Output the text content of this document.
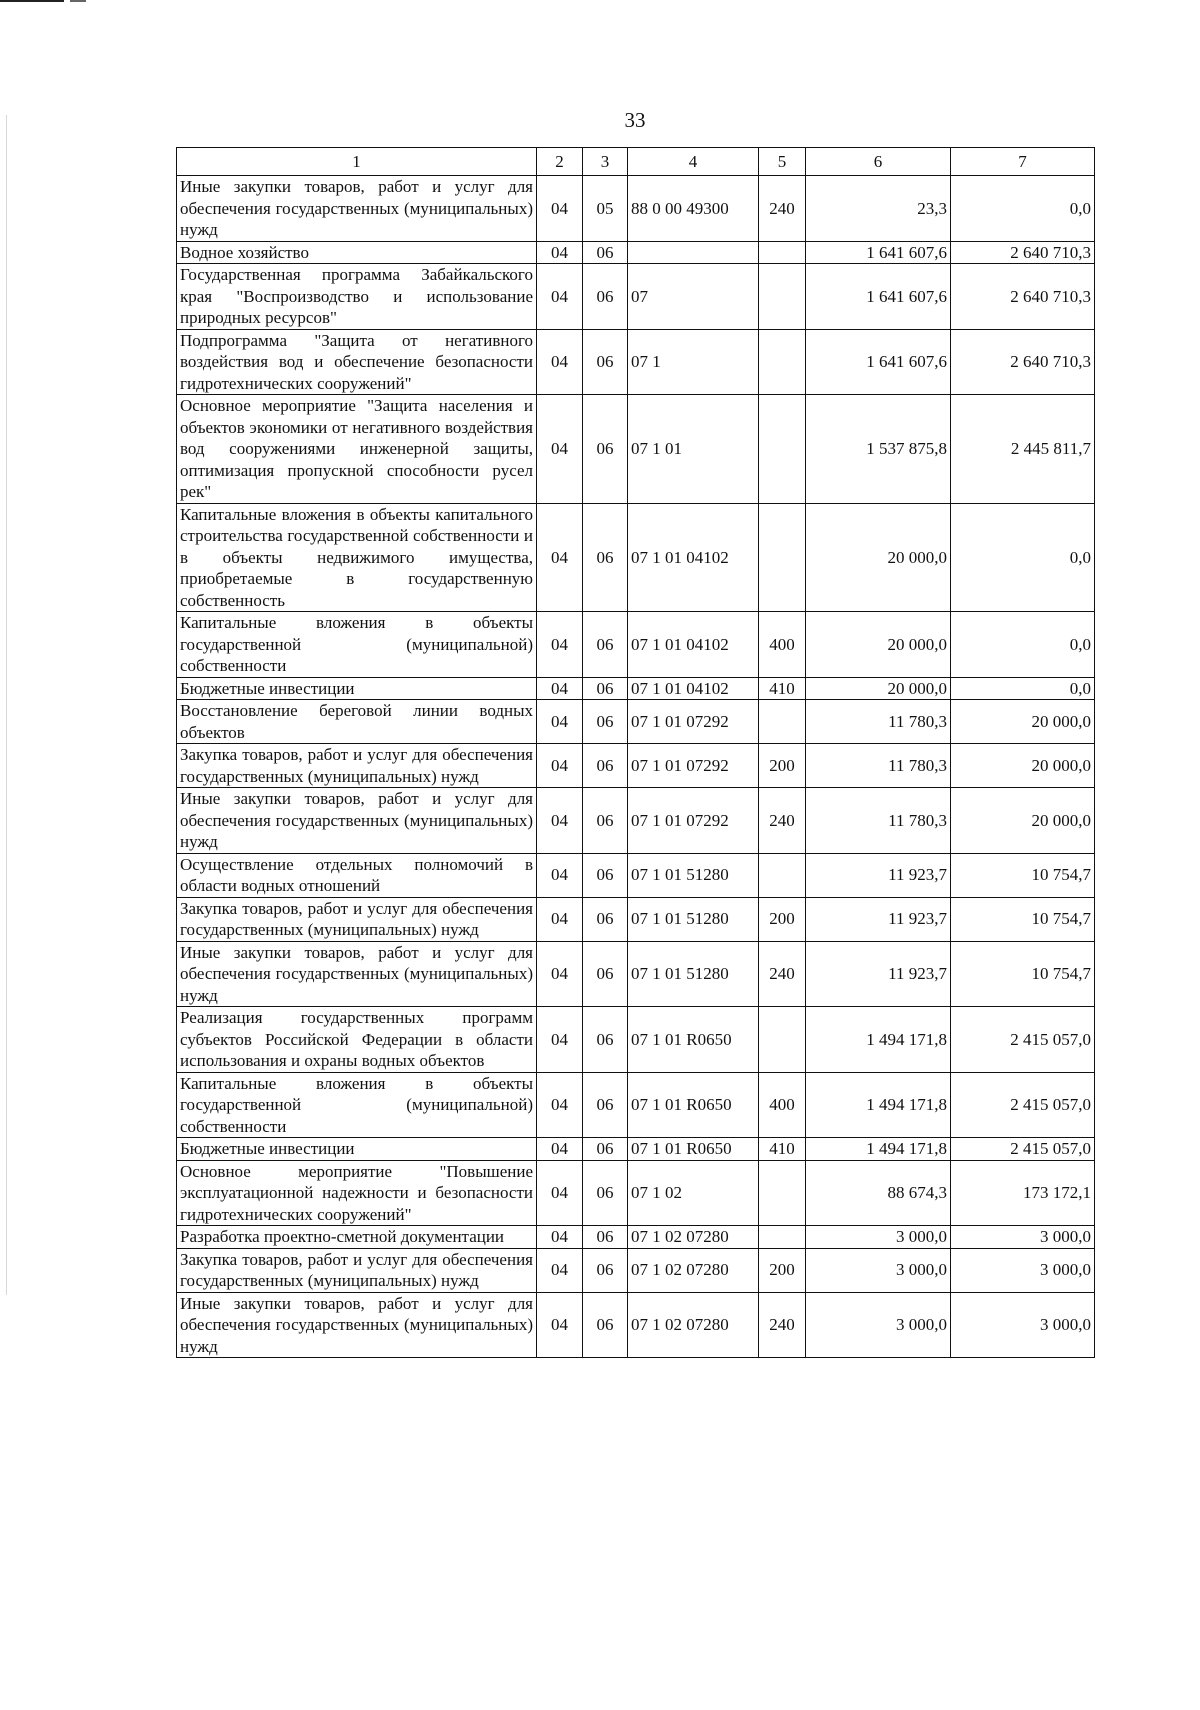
33
1	2	3	4	5	6	7
Иные закупки товаров, работ и услуг для обеспечения государственных (муниципальных) нужд	04	05	88 0 00 49300	240	23,3	0,0
Водное хозяйство	04	06			1 641 607,6	2 640 710,3
Государственная программа Забайкальского края "Воспроизводство и использование природных ресурсов"	04	06	07		1 641 607,6	2 640 710,3
Подпрограмма "Защита от негативного воздействия вод и обеспечение безопасности гидротехнических сооружений"	04	06	07 1		1 641 607,6	2 640 710,3
Основное мероприятие "Защита населения и объектов экономики от негативного воздействия вод сооружениями инженерной защиты, оптимизация пропускной способности русел рек"	04	06	07 1 01		1 537 875,8	2 445 811,7
Капитальные вложения в объекты капитального строительства государственной собственности и в объекты недвижимого имущества, приобретаемые в государственную собственность	04	06	07 1 01 04102		20 000,0	0,0
Капитальные вложения в объекты государственной (муниципальной) собственности	04	06	07 1 01 04102	400	20 000,0	0,0
Бюджетные инвестиции	04	06	07 1 01 04102	410	20 000,0	0,0
Восстановление береговой линии водных объектов	04	06	07 1 01 07292		11 780,3	20 000,0
Закупка товаров, работ и услуг для обеспечения государственных (муниципальных) нужд	04	06	07 1 01 07292	200	11 780,3	20 000,0
Иные закупки товаров, работ и услуг для обеспечения государственных (муниципальных) нужд	04	06	07 1 01 07292	240	11 780,3	20 000,0
Осуществление отдельных полномочий в области водных отношений	04	06	07 1 01 51280		11 923,7	10 754,7
Закупка товаров, работ и услуг для обеспечения государственных (муниципальных) нужд	04	06	07 1 01 51280	200	11 923,7	10 754,7
Иные закупки товаров, работ и услуг для обеспечения государственных (муниципальных) нужд	04	06	07 1 01 51280	240	11 923,7	10 754,7
Реализация государственных программ субъектов Российской Федерации в области использования и охраны водных объектов	04	06	07 1 01 R0650		1 494 171,8	2 415 057,0
Капитальные вложения в объекты государственной (муниципальной) собственности	04	06	07 1 01 R0650	400	1 494 171,8	2 415 057,0
Бюджетные инвестиции	04	06	07 1 01 R0650	410	1 494 171,8	2 415 057,0
Основное мероприятие "Повышение эксплуатационной надежности и безопасности гидротехнических сооружений"	04	06	07 1 02		88 674,3	173 172,1
Разработка проектно-сметной документации	04	06	07 1 02 07280		3 000,0	3 000,0
Закупка товаров, работ и услуг для обеспечения государственных (муниципальных) нужд	04	06	07 1 02 07280	200	3 000,0	3 000,0
Иные закупки товаров, работ и услуг для обеспечения государственных (муниципальных) нужд	04	06	07 1 02 07280	240	3 000,0	3 000,0
